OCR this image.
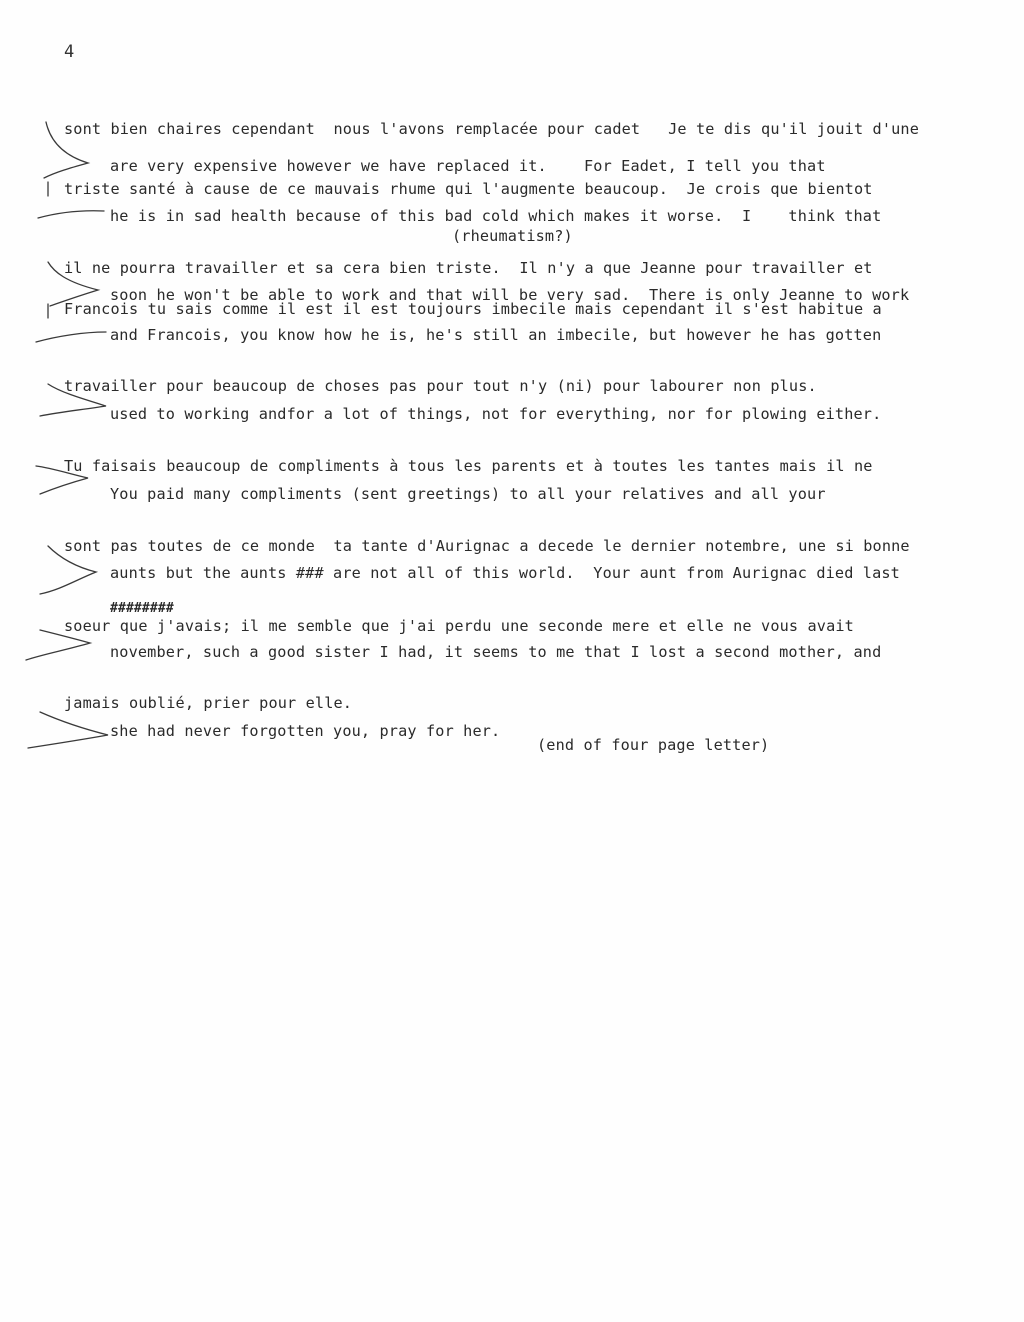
4
sont bien chaires cependant  nous l'avons remplacée pour cadet   Je te dis qu'il jouit d'une
are very expensive however we have replaced it.    For Eadet, I tell you that
triste santé à cause de ce mauvais rhume qui l'augmente beaucoup.  Je crois que bientot
he is in sad health because of this bad cold which makes it worse.  I    think that
(rheumatism?)
il ne pourra travailler et sa cera bien triste.  Il n'y a que Jeanne pour travailler et
soon he won't be able to work and that will be very sad.  There is only Jeanne to work
Francois tu sais comme il est il est toujours imbecile mais cependant il s'est habitue a
and Francois, you know how he is, he's still an imbecile, but however he has gotten
travailler pour beaucoup de choses pas pour tout n'y (ni) pour labourer non plus.
used to working andfor a lot of things, not for everything, nor for plowing either.
Tu faisais beaucoup de compliments à tous les parents et à toutes les tantes mais il ne
You paid many compliments (sent greetings) to all your relatives and all your
sont pas toutes de ce monde  ta tante d'Aurignac a decede le dernier notembre, une si bonne
aunts but the aunts ### are not all of this world.  Your aunt from Aurignac died last
########
soeur que j'avais; il me semble que j'ai perdu une seconde mere et elle ne vous avait
november, such a good sister I had, it seems to me that I lost a second mother, and
jamais oublié, prier pour elle.
she had never forgotten you, pray for her.
(end of four page letter)
